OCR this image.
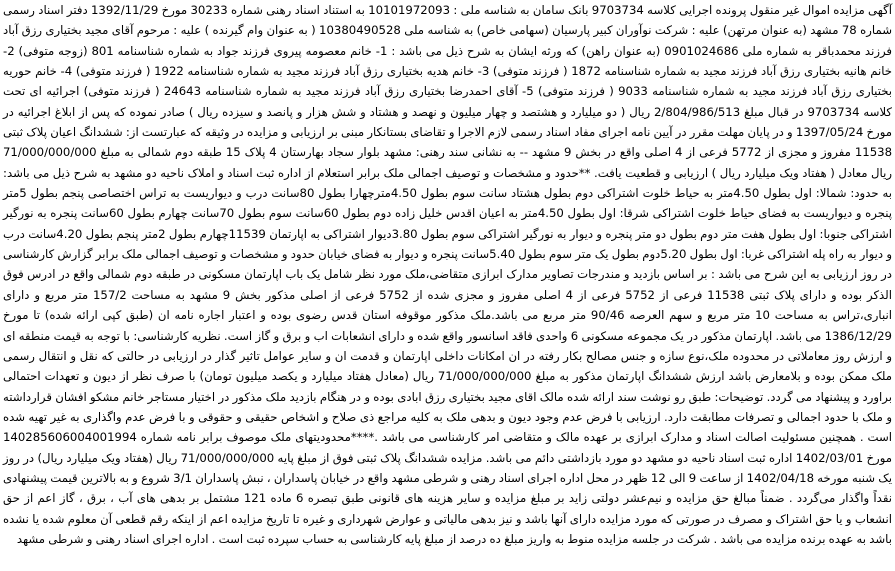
آگهی مزایده اموال غیر منقول پرونده اجرایی کلاسه 9703734 بانک سامان به شناسه ملی : 10101972093 به استناد اسناد رهنی شماره 30233 مورخ 1392/11/29 دفتر اسناد رسمی شماره 78 مشهد (به عنوان مرتهن) علیه : شرکت نوآوران کبیر پارسیان (سهامی خاص) به شناسه ملی 10380490528 ( به عنوان وام گیرنده ) علیه : مرحوم آقای مجید بختیاری رزق آباد فرزند محمدباقر به شماره ملی 0901024686 (به عنوان راهن) که ورثه ایشان به شرح ذیل می باشد : 1- خانم معصومه پیروی فرزند جواد به شماره شناسنامه 801 (زوجه متوفی) 2- خانم هانیه بختیاری رزق آباد فرزند مجید به شماره شناسنامه 1872 ( فرزند متوفی) 3- خانم هدیه بختیاری رزق آباد فرزند مجید به شماره شناسنامه 1922 ( فرزند متوفی) 4- خانم حوریه بختیاری رزق آباد فرزند مجید به شماره شناسنامه 9033 ( فرزند متوفی) 5- آقای احمدرضا بختیاری رزق آباد فرزند مجید به شماره شناسنامه 24643 ( فرزند متوفی) اجرائیه ای تحت کلاسه 9703734 در قبال مبلغ 2/804/986/513 ریال ( دو میلیارد و هشتصد و چهار میلیون و نهصد و هشتاد و شش هزار و پانصد و سیزده ریال ) صادر نموده که پس از ابلاغ اجرائیه در مورخ 1397/05/24 و در پایان مهلت مقرر در آیین نامه اجرای مفاد اسناد رسمی لازم الاجرا و تقاضای بستانکار مبنی بر ارزیابی و مزایده در وثیقه که عبارتست از: ششدانگ اعیان پلاک ثبتی 11538 مفروز و مجزی از 5772 فرعی از 4 اصلی واقع در بخش 9 مشهد -- به نشانی سند رهنی: مشهد بلوار سجاد بهارستان 4 پلاک 15 طبقه دوم شمالی به مبلغ 71/000/000/000 ریال معادل ( هفتاد ویک میلیارد ریال ) ارزیابی و قطعیت یافت. **حدود و مشخصات و توصیف اجمالی ملک برابر استعلام از اداره ثبت اسناد و املاک ناحیه دو مشهد به شرح ذیل می باشد: به حدود: شمالا: اول بطول 4.50متر به حیاط خلوت اشتراکی دوم بطول هشتاد سانت سوم بطول 4.50مترچهارا بطول 80سانت درب و دیواریست به تراس اختصاصی پنجم بطول 5متر پنجره و دیواریست به فضای حیاط خلوت اشتراکی شرقا: اول بطول 4.50متر به اعیان اقدس خلیل زاده دوم بطول 60سانت سوم بطول 70سانت چهارم بطول 60سانت پنجره به نورگیر اشتراکی جنوبا: اول بطول هفت متر دوم بطول دو متر پنجره و دیوار به نورگیر اشتراکی سوم بطول 3.80دیوار اشتراکی به اپارتمان 11539چهارم بطول 2متر پنجم بطول 4.20سانت درب و دیوار به راه پله اشتراکی غربا: اول بطول 5.20دوم بطول یک متر سوم بطول 5.40سانت پنجره و دیوار به فضای خیابان حدود و مشخصات و توصیف اجمالی ملک برابر گزارش کارشناسی در روز ارزیابی به این شرح می باشد : بر اساس بازدید و مندرجات تصاویر مدارک ابرازی متقاضی،ملک مورد نظر شامل یک باب اپارتمان مسکونی در طبقه دوم شمالی واقع در ادرس فوق الذکر بوده و دارای پلاک ثبتی 11538 فرعی از 5752 فرعی از 4 اصلی مفروز و مجزی شده از 5752 فرعی از اصلی مذکور بخش 9 مشهد به مساحت 157/2 متر مربع و دارای انباری،تراس به مساحت 10 متر مربع و سهم العرصه 90/46 متر مربع می باشد.ملک مذکور موقوفه استان قدس رضوی بوده و اعتبار اجاره نامه ان (طبق کپی ارائه شده) تا مورخ 1386/12/29 می باشد. اپارتمان مذکور در یک مجموعه مسکونی 6 واحدی فاقد اسانسور واقع شده و دارای انشعابات اب و برق و گاز است. نظریه کارشناسی: با توجه به قیمت منطقه ای و ارزش روز معاملاتی در محدوده ملک،نوع سازه و جنس مصالح بکار رفته در ان امکانات داخلی اپارتمان و قدمت ان و سایر عوامل تاثیر گذار در ارزیابی در حالتی که نقل و انتقال رسمی ملک ممکن بوده و بلامعارض باشد ارزش ششدانگ اپارتمان مذکور به مبلغ 71/000/000/000 ریال (معادل هفتاد میلیارد و یکصد میلیون تومان) با صرف نظر از دیون و تعهدات احتمالی براورد و پیشنهاد می گردد. توضیحات: طبق رو نوشت سند ارائه شده مالک اقای مجید بختیاری رزق ابادی بوده و در هنگام بازدید ملک مذکور در اختیار مستاجر خانم مشکو افشان قرارداشته و ملک با حدود اجمالی و تصرفات مطابقت دارد. ارزیابی با فرض عدم وجود دیون و بدهی ملک به کلیه مراجع ذی صلاح و اشخاص حقیقی و حقوقی و با فرض عدم واگذاری به غیر تهیه شده است . همچنین مسئولیت اصالت اسناد و مدارک ابرازی بر عهده مالک و متقاضی امر کارشناسی می باشد .****محدودیتهای ملک موصوف برابر نامه شماره 140285606004001994 مورخ 1402/03/01 اداره ثبت اسناد ناحیه دو مشهد دو مورد بازداشتی دائم می باشد. مزایده ششدانگ پلاک ثبتی فوق از مبلغ پایه 71/000/000/000 ریال (هفتاد ویک میلیارد ریال) در روز یک شنبه مورخه 1402/04/18 از ساعت 9 الی 12 ظهر در محل اداره اجرای اسناد رهنی و شرطی مشهد واقع در خیابان پاسداران ، نبش پاسداران 3/1 شروع و به بالاترین قیمت پیشنهادی نقداً واگذار می‌گردد . ضمناً مبالغ حق مزایده و نیم‌عشر دولتی زاید بر مبلغ مزایده و سایر هزینه های قانونی طبق تبصره 6 ماده 121 مشتمل بر بدهی های آب ، برق ، گاز اعم از حق انشعاب و یا حق اشتراک و مصرف در صورتی که مورد مزایده دارای آنها باشد و نیز بدهی مالیاتی و عوارض شهرداری و غیره تا تاریخ مزایده اعم از اینکه رقم قطعی آن معلوم شده یا نشده باشد به عهده برنده مزایده می باشد . شرکت در جلسه مزایده منوط به واریز مبلغ ده درصد از مبلغ پایه کارشناسی به حساب سپرده ثبت است . اداره اجرای اسناد رهنی و شرطی مشهد
